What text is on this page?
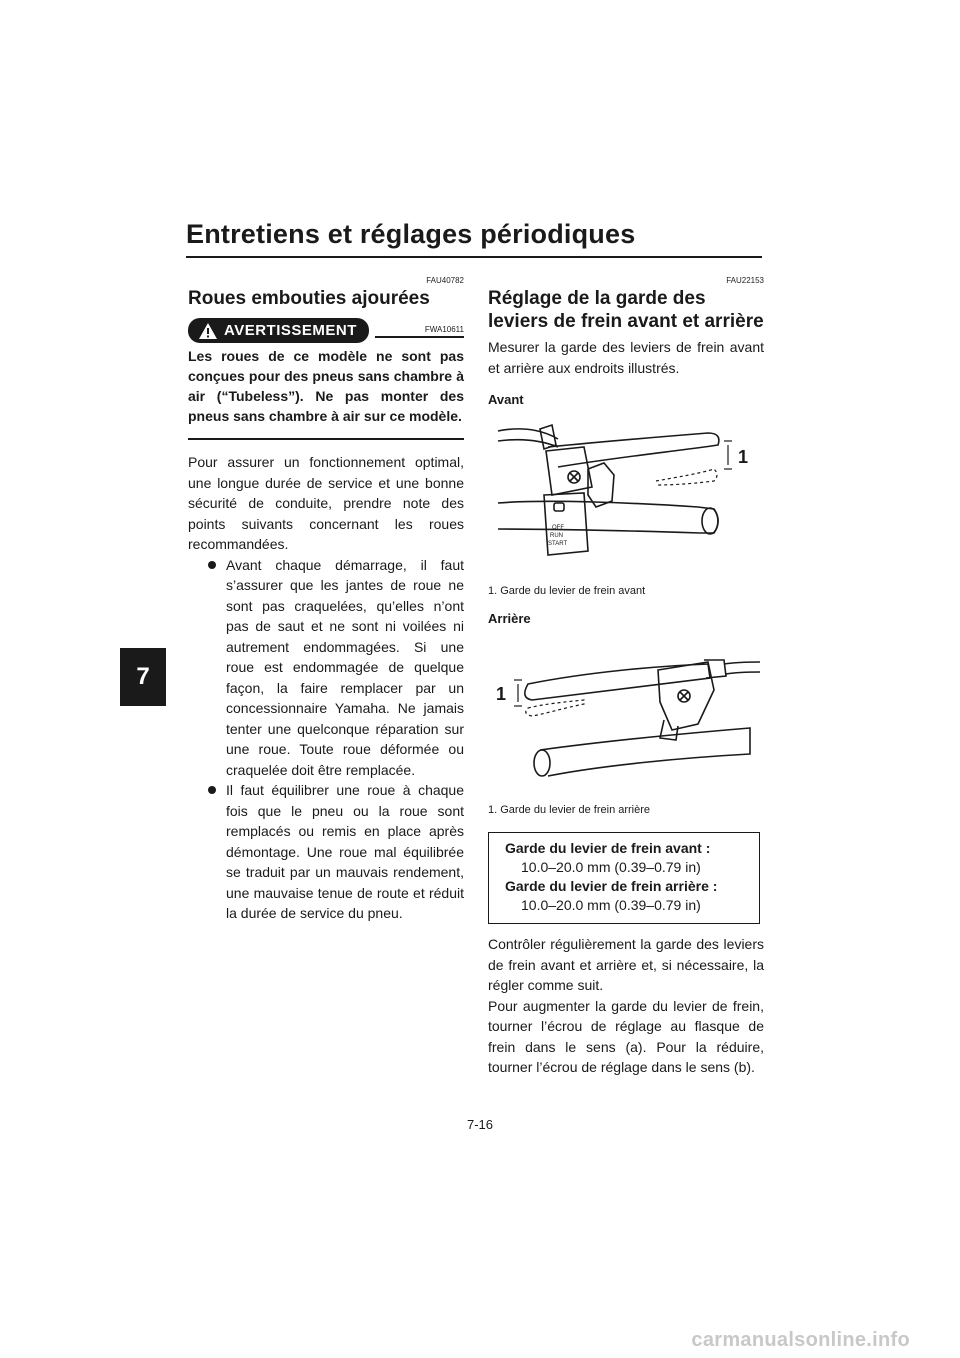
Entretiens et réglages périodiques
7
FAU40782
Roues embouties ajourées
AVERTISSEMENT	FWA10611
Les roues de ce modèle ne sont pas conçues pour des pneus sans chambre à air (“Tubeless”). Ne pas monter des pneus sans chambre à air sur ce modèle.

Pour assurer un fonctionnement optimal, une longue durée de service et une bonne sécurité de conduite, prendre note des points suivants concernant les roues recommandées.

Avant chaque démarrage, il faut s’assurer que les jantes de roue ne sont pas craquelées, qu’elles n’ont pas de saut et ne sont ni voilées ni autrement endommagées. Si une roue est endommagée de quelque façon, la faire remplacer par un concessionnaire Yamaha. Ne jamais tenter une quelconque réparation sur une roue. Toute roue déformée ou craquelée doit être remplacée.
Il faut équilibrer une roue à chaque fois que le pneu ou la roue sont remplacés ou remis en place après démontage. Une roue mal équilibrée se traduit par un mauvais rendement, une mauvaise tenue de route et réduit la durée de service du pneu.
FAU22153
Réglage de la garde des leviers de frein avant et arrière

Mesurer la garde des leviers de frein avant et arrière aux endroits illustrés.

Avant
OFF
RUN
START
1
1. Garde du levier de frein avant
Arrière
1
1. Garde du levier de frein arrière
Garde du levier de frein avant :
10.0–20.0 mm (0.39–0.79 in)
Garde du levier de frein arrière :
10.0–20.0 mm (0.39–0.79 in)

Contrôler régulièrement la garde des leviers de frein avant et arrière et, si nécessaire, la régler comme suit.

Pour augmenter la garde du levier de frein, tourner l’écrou de réglage au flasque de frein dans le sens (a). Pour la réduire, tourner l’écrou de réglage dans le sens (b).

7-16
carmanualsonline.info
